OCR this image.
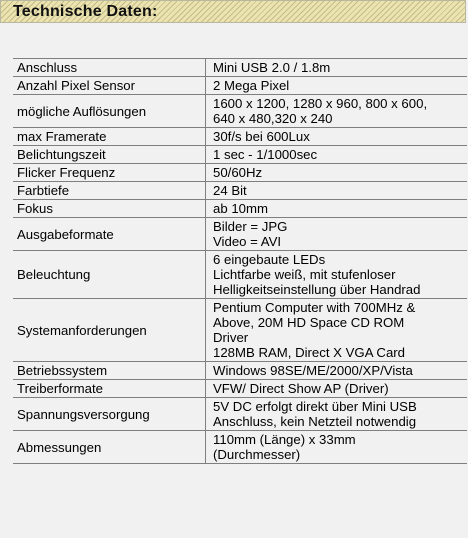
Technische Daten:
Anschluss	Mini USB 2.0 / 1.8m

Anzahl Pixel Sensor	2 Mega Pixel

mögliche Auflösungen	1600 x 1200, 1280 x 960, 800 x 600,
640 x 480,320 x 240

max Framerate	30f/s bei 600Lux

Belichtungszeit	1 sec - 1/1000sec

Flicker Frequenz	50/60Hz

Farbtiefe	24 Bit

Fokus	ab 10mm

Ausgabeformate	Bilder = JPG
Video = AVI

Beleuchtung	6 eingebaute LEDs
Lichtfarbe weiß, mit stufenloser
Helligkeitseinstellung über Handrad

Systemanforderungen	Pentium Computer with 700MHz &
Above, 20M HD Space CD ROM
Driver
128MB RAM, Direct X VGA Card

Betriebssystem	Windows 98SE/ME/2000/XP/Vista

Treiberformate	VFW/ Direct Show AP (Driver)

Spannungsversorgung	5V DC erfolgt direkt über Mini USB
Anschluss, kein Netzteil notwendig

Abmessungen	110mm (Länge) x 33mm
(Durchmesser)
